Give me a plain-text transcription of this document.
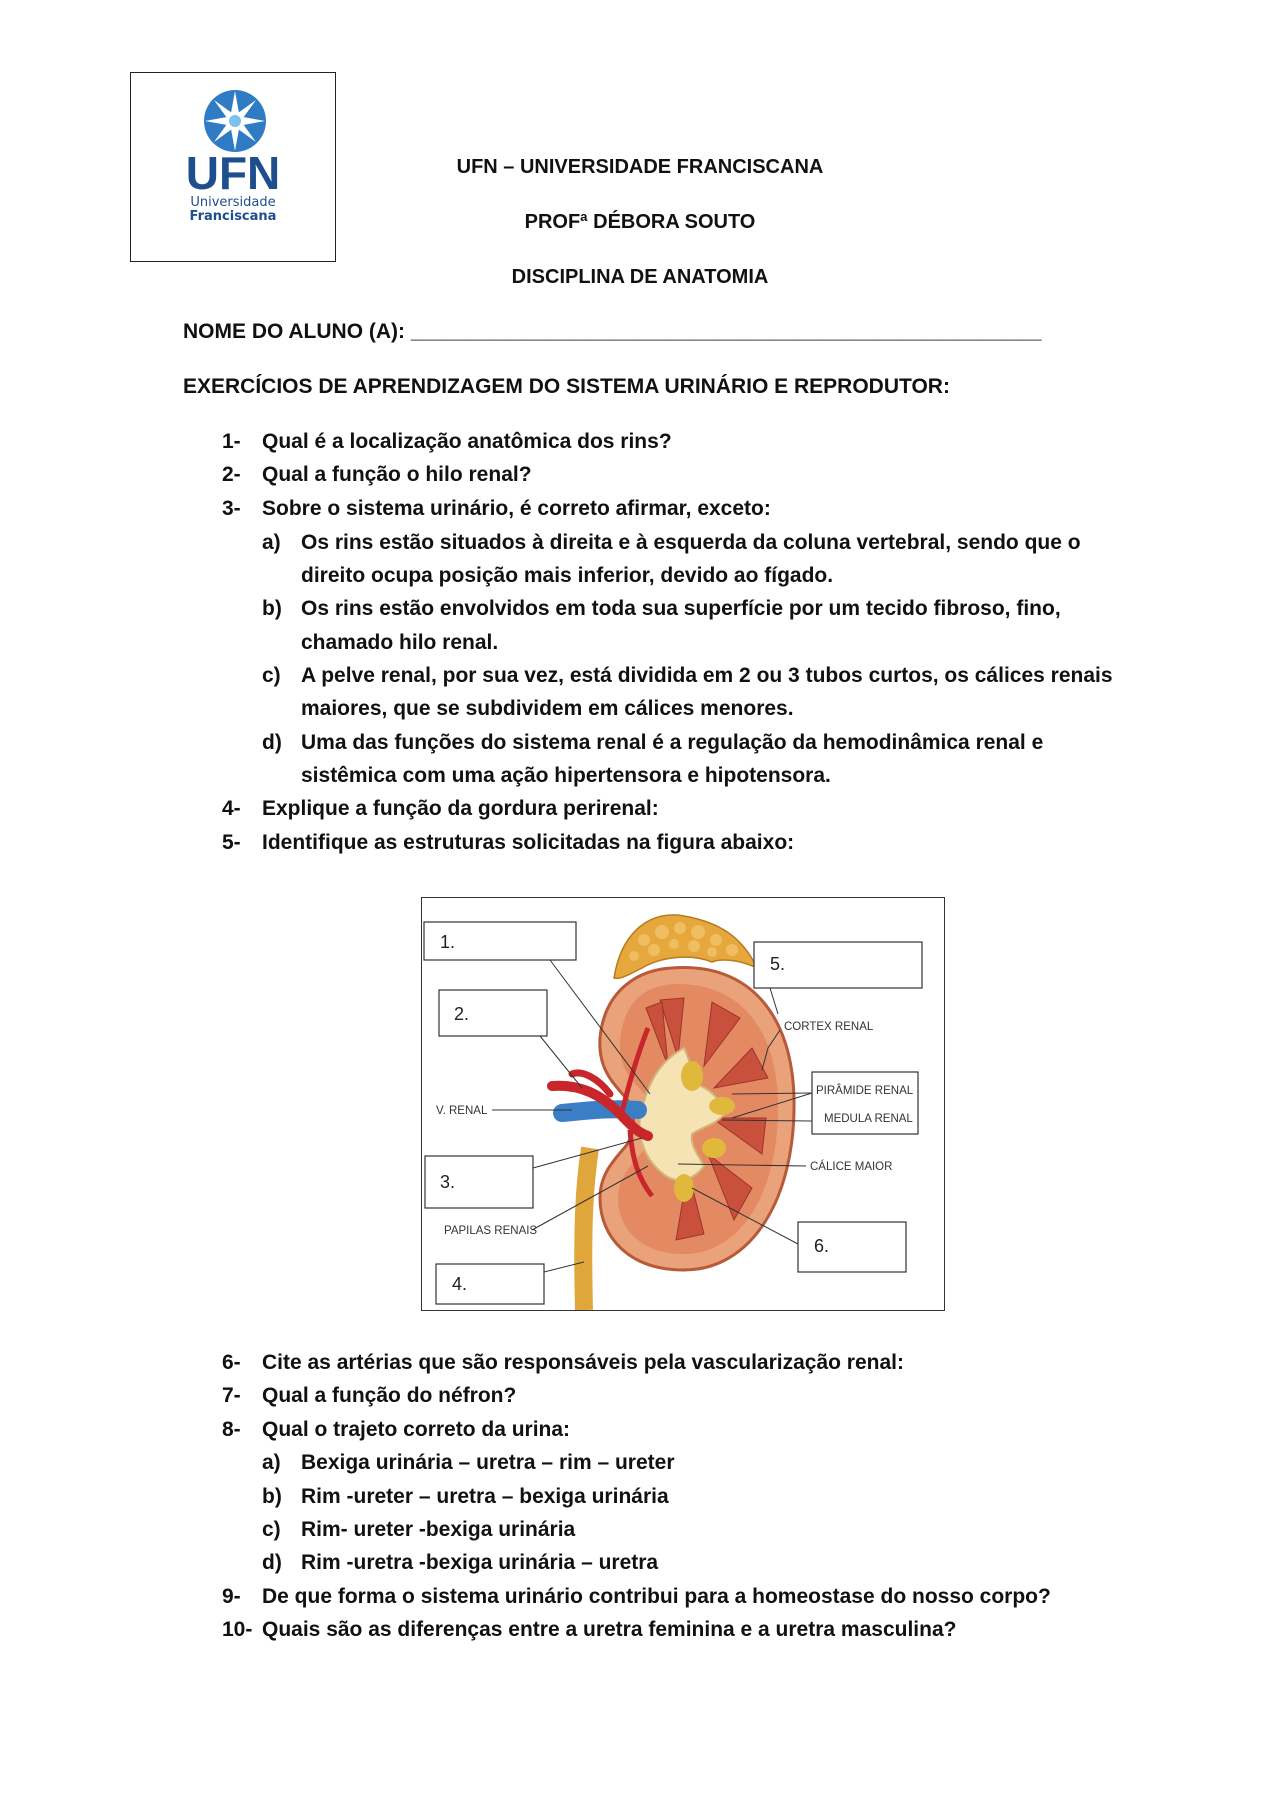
UFN
Universidade
Franciscana
UFN – UNIVERSIDADE FRANCISCANA
PROFª DÉBORA SOUTO
DISCIPLINA DE ANATOMIA
NOME DO ALUNO (A): ______________________________________________________
EXERCÍCIOS DE APRENDIZAGEM DO SISTEMA URINÁRIO E REPRODUTOR:
1- Qual é a localização anatômica dos rins?
2- Qual a função o hilo renal?
3- Sobre o sistema urinário, é correto afirmar, exceto:
a) Os rins estão situados à direita e à esquerda da coluna vertebral, sendo que o
direito ocupa posição mais inferior, devido ao fígado.
b) Os rins estão envolvidos em toda sua superfície por um tecido fibroso, fino,
chamado hilo renal.
c) A pelve renal, por sua vez, está dividida em 2 ou 3 tubos curtos, os cálices renais
maiores, que se subdividem em cálices menores.
d) Uma das funções do sistema renal é a regulação da hemodinâmica renal e
sistêmica com uma ação hipertensora e hipotensora.
4- Explique a função da gordura perirenal:
5- Identifique as estruturas solicitadas na figura abaixo:
1.
2.
3.
4.
5.
6.
PIRÂMIDE RENAL
MEDULA RENAL
CORTEX RENAL
CÁLICE MAIOR
V. RENAL
PAPILAS RENAIS
6- Cite as artérias que são responsáveis pela vascularização renal:
7- Qual a função do néfron?
8- Qual o trajeto correto da urina:
a) Bexiga urinária – uretra – rim – ureter
b) Rim -ureter – uretra – bexiga urinária
c) Rim- ureter -bexiga urinária
d) Rim -uretra -bexiga urinária – uretra
9- De que forma o sistema urinário contribui para a homeostase do nosso corpo?
10- Quais são as diferenças entre a uretra feminina e a uretra masculina?
